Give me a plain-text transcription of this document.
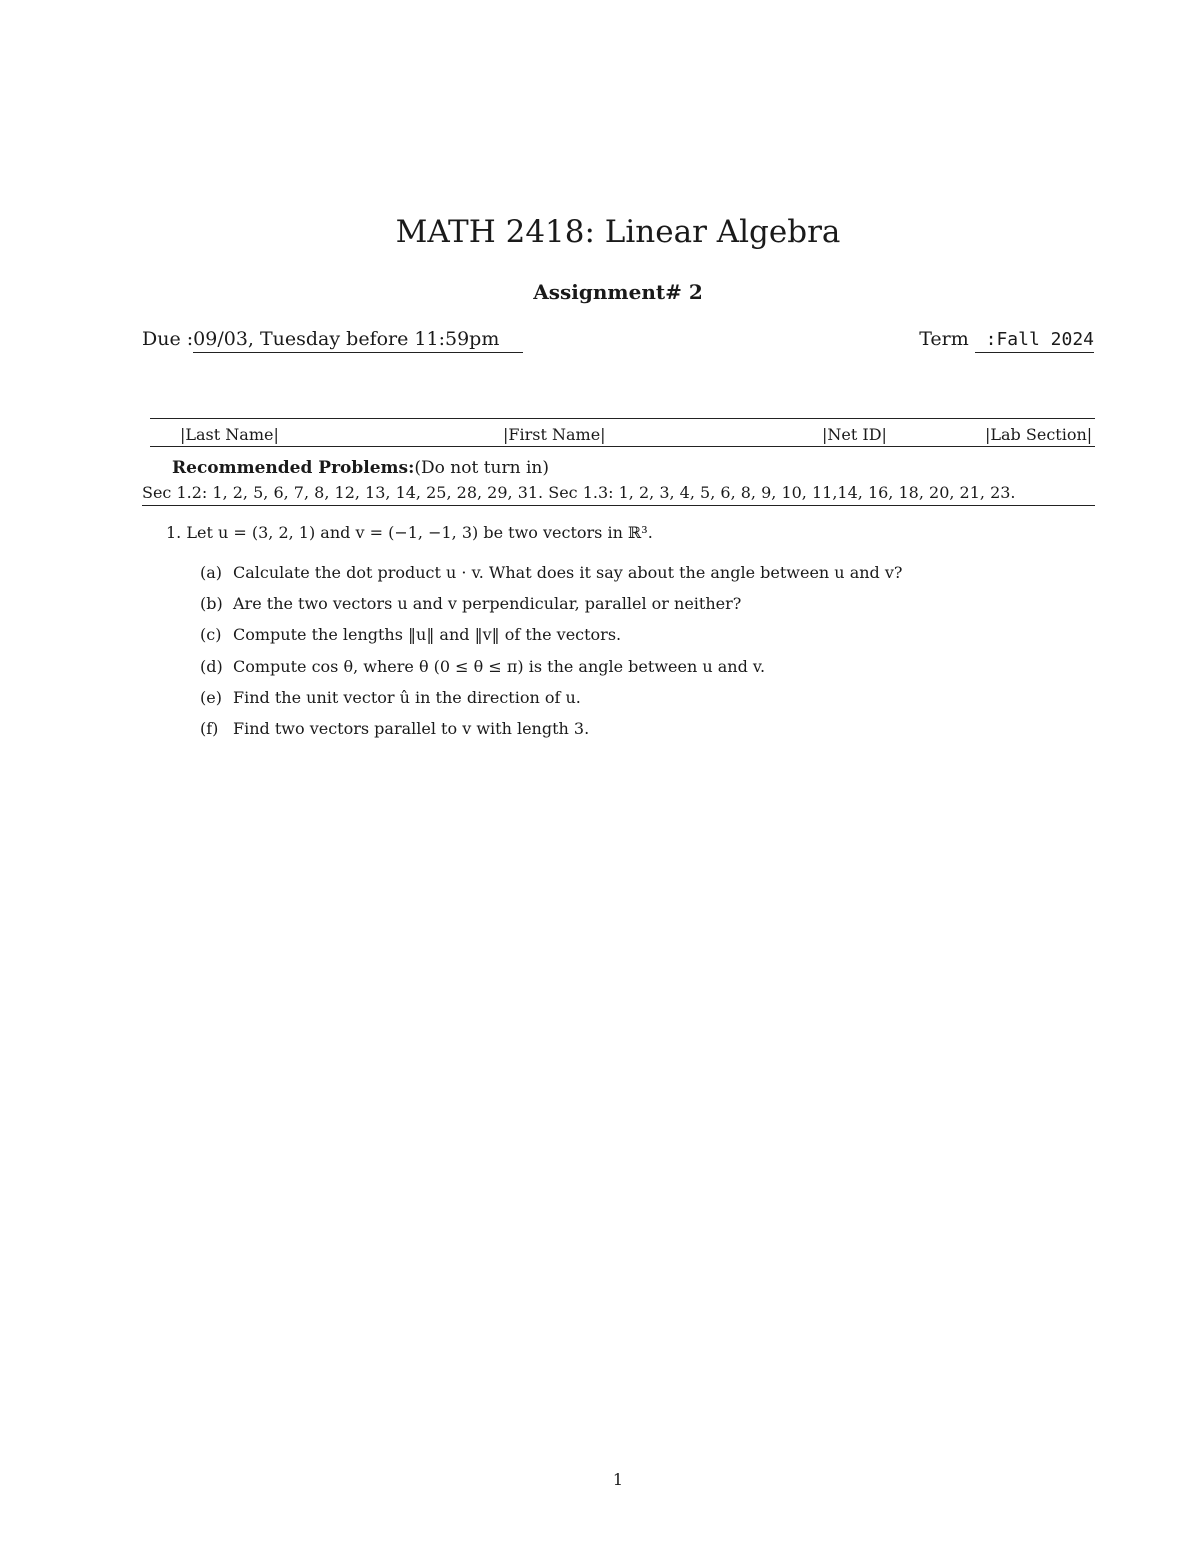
MATH 2418: Linear Algebra
Assignment# 2
Due :09/03, Tuesday before 11:59pm	Term  :Fall 2024
|Last Name|	|First Name|	|Net ID|	|Lab Section|
Recommended Problems:(Do not turn in)
Sec 1.2: 1, 2, 5, 6, 7, 8, 12, 13, 14, 25, 28, 29, 31. Sec 1.3: 1, 2, 3, 4, 5, 6, 8, 9, 10, 11,14, 16, 18, 20, 21, 23.
1. Let u = (3, 2, 1) and v = (−1, −1, 3) be two vectors in ℝ³.
(a) Calculate the dot product u · v. What does it say about the angle between u and v?
(b) Are the two vectors u and v perpendicular, parallel or neither?
(c) Compute the lengths ‖u‖ and ‖v‖ of the vectors.
(d) Compute cos θ, where θ (0 ≤ θ ≤ π) is the angle between u and v.
(e) Find the unit vector û in the direction of u.
(f) Find two vectors parallel to v with length 3.
1
